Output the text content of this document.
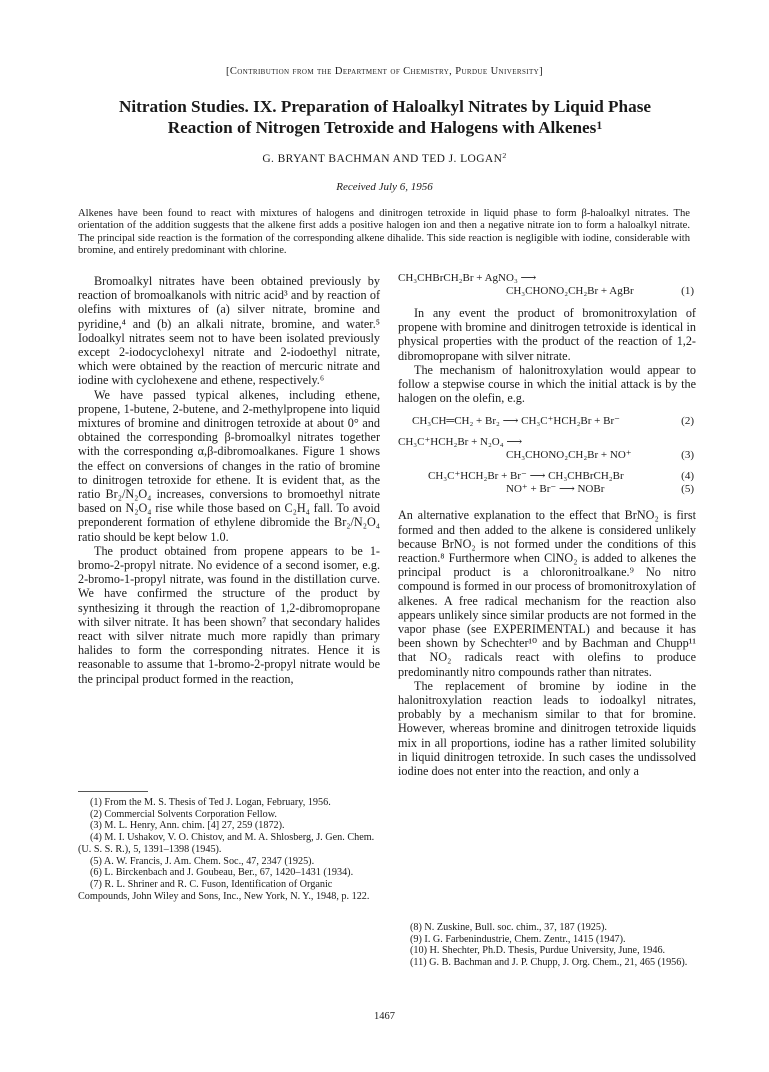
[Contribution from the Department of Chemistry, Purdue University]
Nitration Studies. IX. Preparation of Haloalkyl Nitrates by Liquid Phase
Reaction of Nitrogen Tetroxide and Halogens with Alkenes$^1$
G. BRYANT BACHMAN AND TED J. LOGAN$^2$
Received July 6, 1956
Alkenes have been found to react with mixtures of halogens and dinitrogen tetroxide in liquid phase to form β-haloalkyl nitrates. The orientation of the addition suggests that the alkene first adds a positive halogen ion and then a negative nitrate ion to form a haloalkyl nitrate. The principal side reaction is the formation of the corresponding alkene dihalide. This side reaction is negligible with iodine, considerable with bromine, and entirely predominant with chlorine.

Bromoalkyl nitrates have been obtained previously by reaction of bromoalkanols with nitric acid³ and by reaction of olefins with mixtures of (a) silver nitrate, bromine and pyridine,⁴ and (b) an alkali nitrate, bromine, and water.⁵ Iodoalkyl nitrates seem not to have been isolated previously except 2-iodocyclohexyl nitrate and 2-iodoethyl nitrate, which were obtained by the reaction of mercuric nitrate and iodine with cyclohexene and ethene, respectively.⁶

We have passed typical alkenes, including ethene, propene, 1-butene, 2-butene, and 2-methylpropene into liquid mixtures of bromine and dinitrogen tetroxide at about 0° and obtained the corresponding β-bromoalkyl nitrates together with the corresponding α,β-dibromoalkanes. Figure 1 shows the effect on conversions of changes in the ratio of bromine to dinitrogen tetroxide for ethene. It is evident that, as the ratio Br₂/N₂O₄ increases, conversions to bromoethyl nitrate based on N₂O₄ rise while those based on C₂H₄ fall. To avoid preponderent formation of ethylene dibromide the Br₂/N₂O₄ ratio should be kept below 1.0.

The product obtained from propene appears to be 1-bromo-2-propyl nitrate. No evidence of a second isomer, e.g. 2-bromo-1-propyl nitrate, was found in the distillation curve. We have confirmed the structure of the product by synthesizing it through the reaction of 1,2-dibromopropane with silver nitrate. It has been shown⁷ that secondary halides react with silver nitrate much more rapidly than primary halides to form the corresponding nitrates. Hence it is reasonable to assume that 1-bromo-2-propyl nitrate would be the principal product formed in the reaction,

CH₃CHBrCH₂Br + AgNO₃ ⟶
CH₃CHONO₂CH₂Br + AgBr	(1)

In any event the product of bromonitroxylation of propene with bromine and dinitrogen tetroxide is identical in physical properties with the product of the reaction of 1,2-dibromopropane with silver nitrate.

The mechanism of halonitroxylation would appear to follow a stepwise course in which the initial attack is by the halogen on the olefin, e.g.

CH₃CH═CH₂ + Br₂ ⟶ CH₃C⁺HCH₂Br + Br⁻	(2)
CH₃C⁺HCH₂Br + N₂O₄ ⟶
CH₃CHONO₂CH₂Br + NO⁺	(3)
CH₃C⁺HCH₂Br + Br⁻ ⟶ CH₃CHBrCH₂Br	(4)
NO⁺ + Br⁻ ⟶ NOBr	(5)

An alternative explanation to the effect that BrNO₂ is first formed and then added to the alkene is considered unlikely because BrNO₂ is not formed under the conditions of this reaction.⁸ Furthermore when ClNO₂ is added to alkenes the principal product is a chloronitroalkane.⁹ No nitro compound is formed in our process of bromonitroxylation of alkenes. A free radical mechanism for the reaction also appears unlikely since similar products are not formed in the vapor phase (see EXPERIMENTAL) and because it has been shown by Schechter¹⁰ and by Bachman and Chupp¹¹ that NO₂ radicals react with olefins to produce predominantly nitro compounds rather than nitrates.

The replacement of bromine by iodine in the halonitroxylation reaction leads to iodoalkyl nitrates, probably by a mechanism similar to that for bromine. However, whereas bromine and dinitrogen tetroxide liquids mix in all proportions, iodine has a rather limited solubility in liquid dinitrogen tetroxide. In such cases the undissolved iodine does not enter into the reaction, and only a

(1) From the M. S. Thesis of Ted J. Logan, February, 1956.
(2) Commercial Solvents Corporation Fellow.
(3) M. L. Henry, Ann. chim. [4] 27, 259 (1872).
(4) M. I. Ushakov, V. O. Chistov, and M. A. Shlosberg, J. Gen. Chem. (U. S. S. R.), 5, 1391–1398 (1945).
(5) A. W. Francis, J. Am. Chem. Soc., 47, 2347 (1925).
(6) L. Birckenbach and J. Goubeau, Ber., 67, 1420–1431 (1934).
(7) R. L. Shriner and R. C. Fuson, Identification of Organic Compounds, John Wiley and Sons, Inc., New York, N. Y., 1948, p. 122.
(8) N. Zuskine, Bull. soc. chim., 37, 187 (1925).
(9) I. G. Farbenindustrie, Chem. Zentr., 1415 (1947).
(10) H. Shechter, Ph.D. Thesis, Purdue University, June, 1946.
(11) G. B. Bachman and J. P. Chupp, J. Org. Chem., 21, 465 (1956).
1467
